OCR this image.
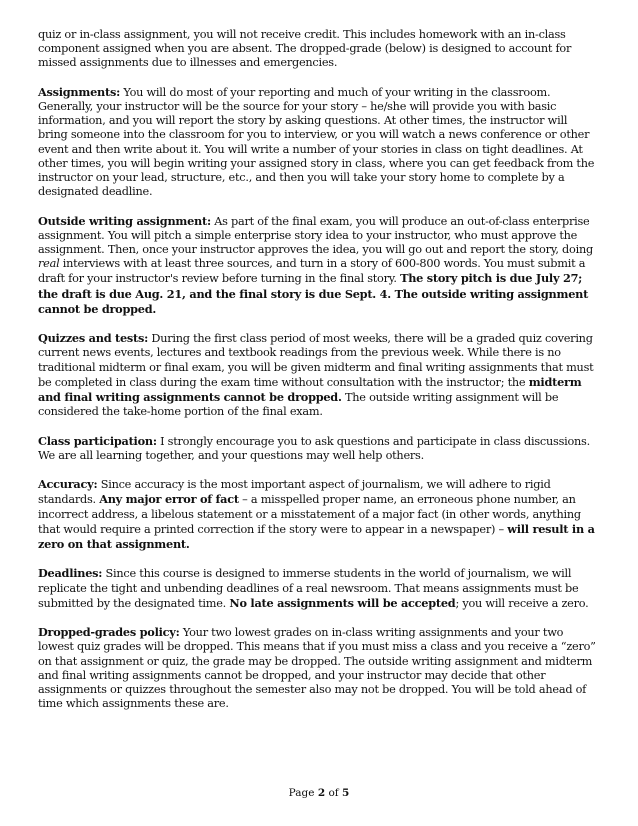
quiz or in-class assignment, you will not receive credit. This includes homework with an in-class component assigned when you are absent. The dropped-grade (below) is designed to account for missed assignments due to illnesses and emergencies.

Assignments: You will do most of your reporting and much of your writing in the classroom. Generally, your instructor will be the source for your story – he/she will provide you with basic information, and you will report the story by asking questions. At other times, the instructor will bring someone into the classroom for you to interview, or you will watch a news conference or other event and then write about it. You will write a number of your stories in class on tight deadlines. At other times, you will begin writing your assigned story in class, where you can get feedback from the instructor on your lead, structure, etc., and then you will take your story home to complete by a designated deadline.

Outside writing assignment: As part of the final exam, you will produce an out-of-class enterprise assignment. You will pitch a simple enterprise story idea to your instructor, who must approve the assignment. Then, once your instructor approves the idea, you will go out and report the story, doing real interviews with at least three sources, and turn in a story of 600-800 words. You must submit a draft for your instructor's review before turning in the final story. The story pitch is due July 27; the draft is due Aug. 21, and the final story is due Sept. 4. The outside writing assignment cannot be dropped.

Quizzes and tests: During the first class period of most weeks, there will be a graded quiz covering current news events, lectures and textbook readings from the previous week. While there is no traditional midterm or final exam, you will be given midterm and final writing assignments that must be completed in class during the exam time without consultation with the instructor; the midterm and final writing assignments cannot be dropped. The outside writing assignment will be considered the take-home portion of the final exam.

Class participation: I strongly encourage you to ask questions and participate in class discussions. We are all learning together, and your questions may well help others.

Accuracy: Since accuracy is the most important aspect of journalism, we will adhere to rigid standards. Any major error of fact – a misspelled proper name, an erroneous phone number, an incorrect address, a libelous statement or a misstatement of a major fact (in other words, anything that would require a printed correction if the story were to appear in a newspaper) – will result in a zero on that assignment.

Deadlines: Since this course is designed to immerse students in the world of journalism, we will replicate the tight and unbending deadlines of a real newsroom. That means assignments must be submitted by the designated time. No late assignments will be accepted; you will receive a zero.

Dropped-grades policy: Your two lowest grades on in-class writing assignments and your two lowest quiz grades will be dropped. This means that if you must miss a class and you receive a “zero” on that assignment or quiz, the grade may be dropped. The outside writing assignment and midterm and final writing assignments cannot be dropped, and your instructor may decide that other assignments or quizzes throughout the semester also may not be dropped. You will be told ahead of time which assignments these are.

Page 2 of 5
